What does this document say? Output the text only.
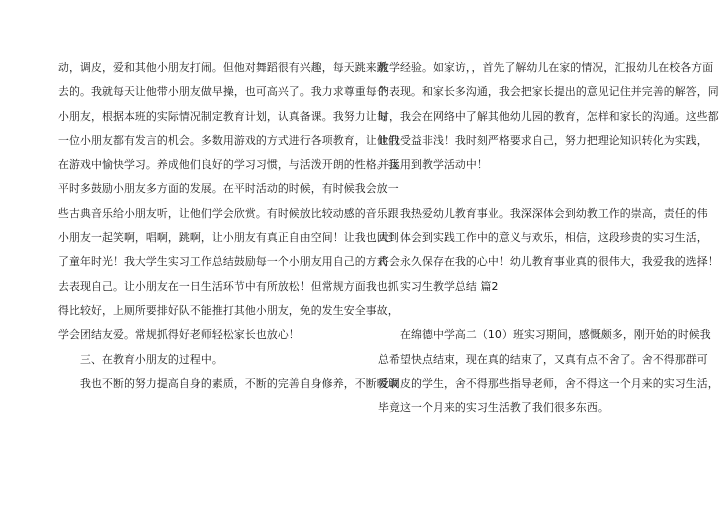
动，调皮，爱和其他小朋友打闹。但他对舞蹈很有兴趣，每天跳来跳
去的。我就每天让他带小朋友做早操，也可高兴了。我力求尊重每个
小朋友，根据本班的实际情况制定教育计划，认真备课。我努力让每
一位小朋友都有发言的机会。多数用游戏的方式进行各项教育，让他们
在游戏中愉快学习。养成他们良好的学习习惯，与活泼开朗的性格。我
平时多鼓励小朋友多方面的发展。在平时活动的时候，有时候我会放一
些古典音乐给小朋友听，让他们学会欣赏。有时候放比较动感的音乐跟
小朋友一起笑啊，唱啊，跳啊，让小朋友有真正自由空间！让我也回到
了童年时光！我大学生实习工作总结鼓励每一个小朋友用自己的方式
去表现自己。让小朋友在一日生活环节中有所放松！但常规方面我也抓
得比较好，上厕所要排好队不能推打其他小朋友，免的发生安全事故，
学会团结友爱。常规抓得好老师轻松家长也放心！
　　三、在教育小朋友的过程中。
　　我也不断的努力提高自身的素质，不断的完善自身修养，不断吸取
教学经验。如家访，，首先了解幼儿在家的情况，汇报幼儿在校各方面
的表现。和家长多沟通，我会把家长提出的意见记住并完善的解答，同
时，我会在网络中了解其他幼儿园的教育，怎样和家长的沟通。这些都
让我受益非浅！我时刻严格要求自己，努力把理论知识转化为实践，
并运用到教学活动中！
　　我热爱幼儿教育事业。我深深体会到幼教工作的崇高，责任的伟
大！体会到实践工作中的意义与欢乐，相信，这段珍贵的实习生活，
将会永久保存在我的心中！幼儿教育事业真的很伟大，我爱我的选择！
　　实习生教学总结 篇2
　　在绵德中学高二（10）班实习期间，感慨颇多，刚开始的时候我
总希望快点结束，现在真的结束了，又真有点不舍了。舍不得那群可
爱调皮的学生，舍不得那些指导老师，舍不得这一个月来的实习生活，
毕竟这一个月来的实习生活教了我们很多东西。
